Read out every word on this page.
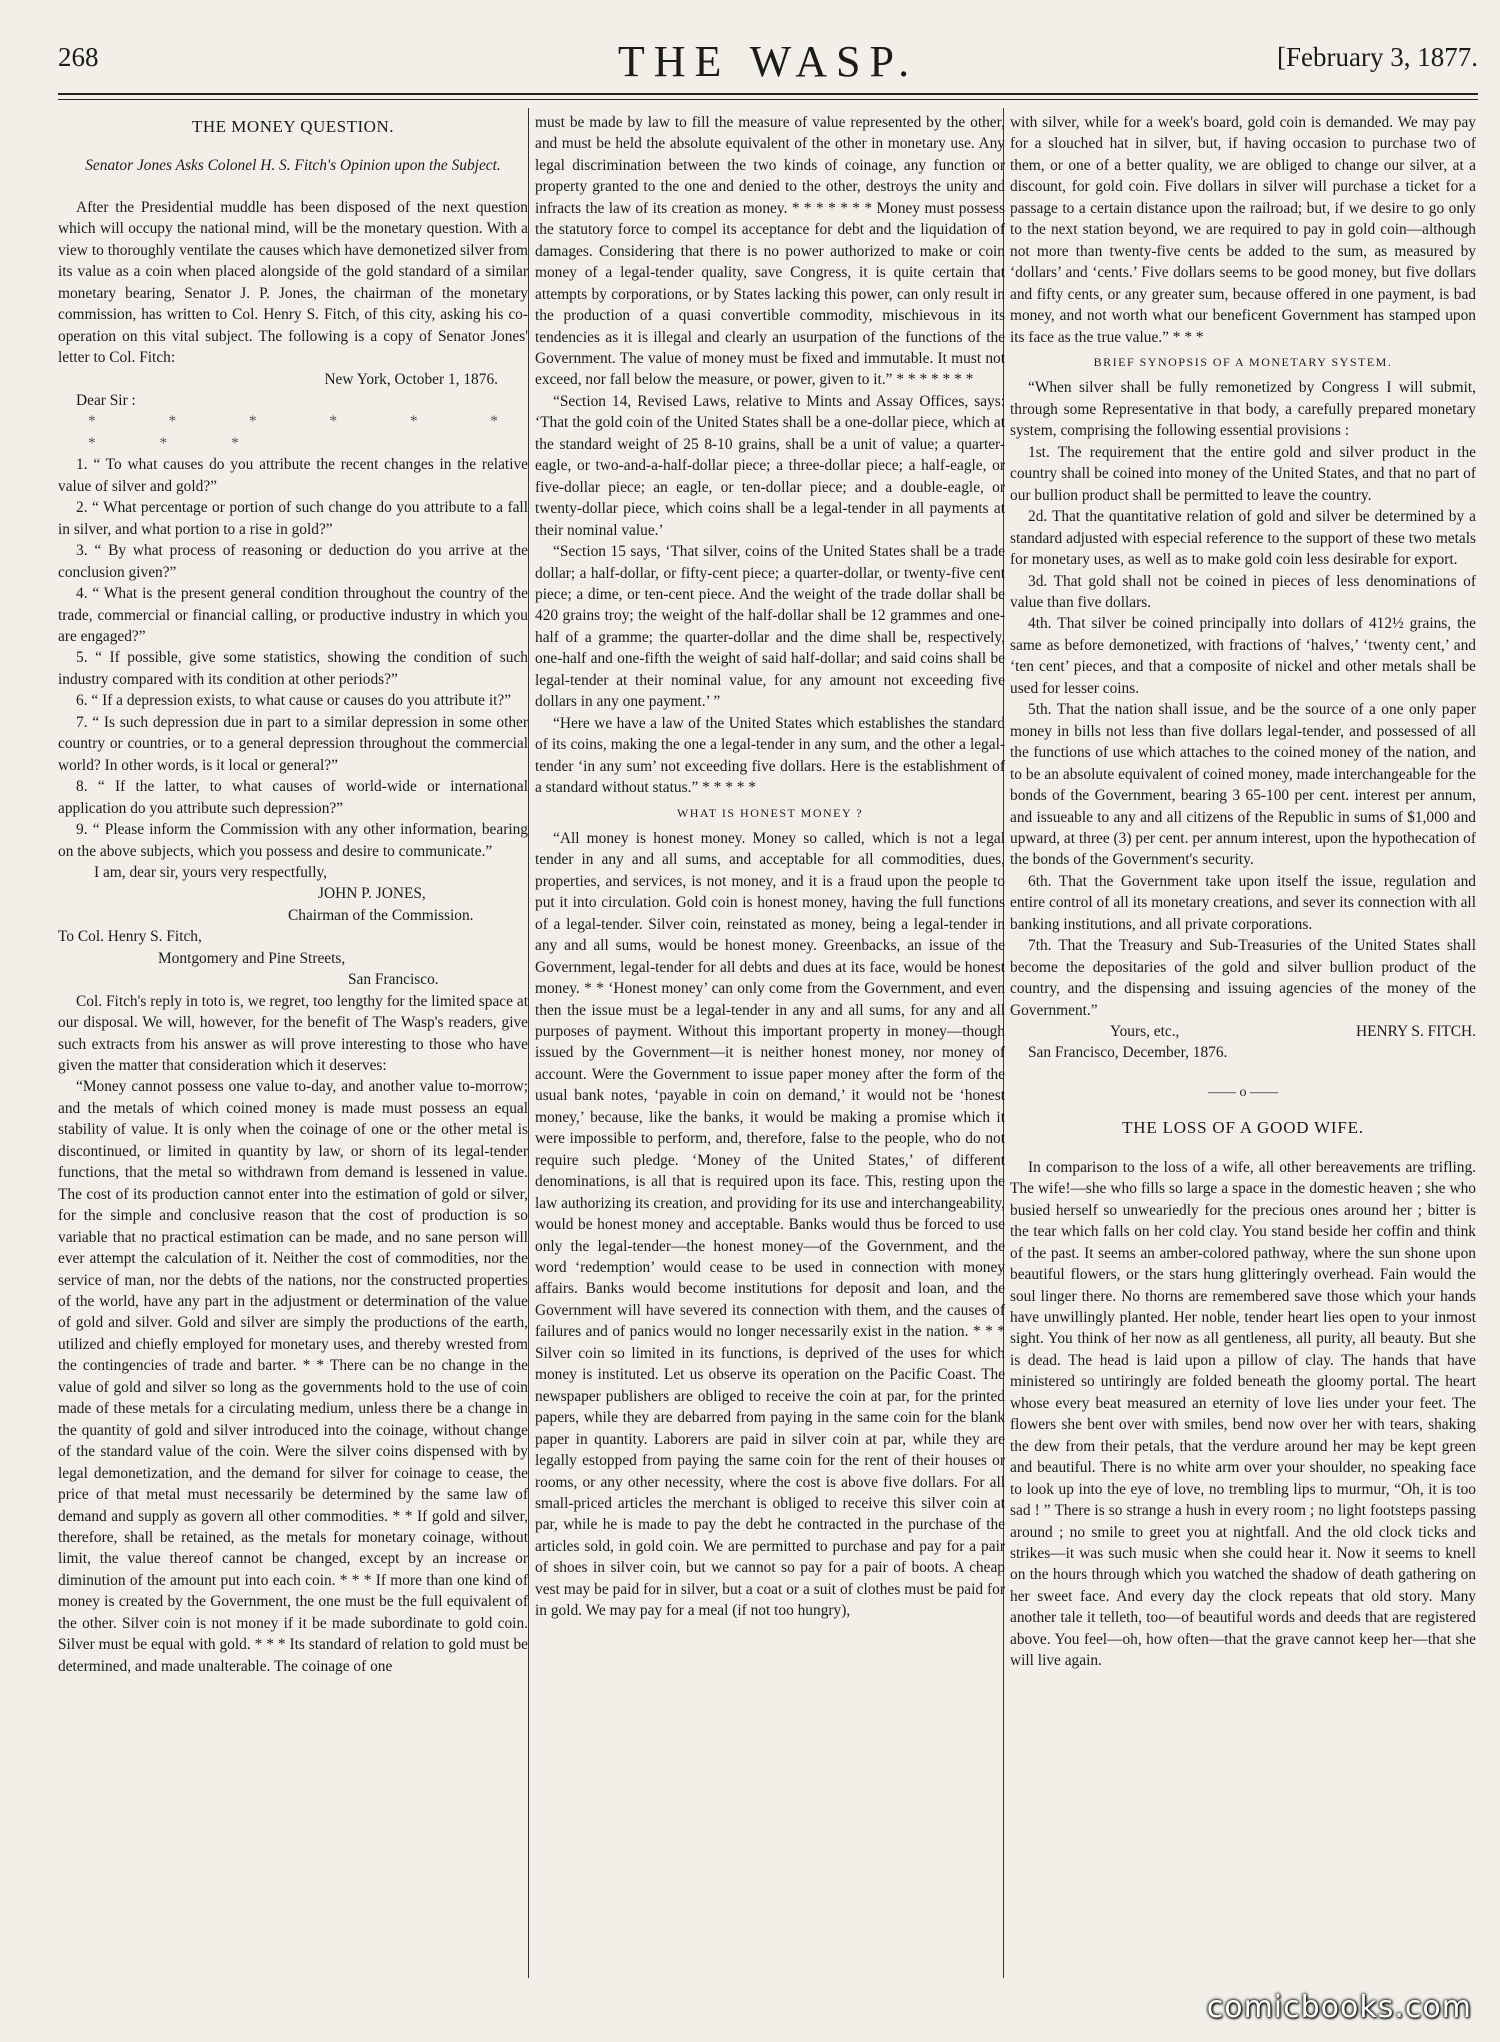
268	THE WASP.	[February 3, 1877.

THE MONEY QUESTION.

Senator Jones Asks Colonel H. S. Fitch's Opinion upon the Subject.

After the Presidential muddle has been disposed of the next question which will occupy the national mind, will be the monetary question. With a view to thoroughly ventilate the causes which have demonetized silver from its value as a coin when placed alongside of the gold standard of a similar monetary bearing, Senator J. P. Jones, the chairman of the monetary commission, has written to Col. Henry S. Fitch, of this city, asking his co-operation on this vital subject. The following is a copy of Senator Jones' letter to Col. Fitch:

New York, October 1, 1876.

Dear Sir :

* * * * * * * * *

1. “ To what causes do you attribute the recent changes in the relative value of silver and gold?”

2. “ What percentage or portion of such change do you attribute to a fall in silver, and what portion to a rise in gold?”

3. “ By what process of reasoning or deduction do you arrive at the conclusion given?”

4. “ What is the present general condition throughout the country of the trade, commercial or financial calling, or productive industry in which you are engaged?”

5. “ If possible, give some statistics, showing the condition of such industry compared with its condition at other periods?”

6. “ If a depression exists, to what cause or causes do you attribute it?”

7. “ Is such depression due in part to a similar depression in some other country or countries, or to a general depression throughout the commercial world? In other words, is it local or general?”

8. “ If the latter, to what causes of world-wide or international application do you attribute such depression?”

9. “ Please inform the Commission with any other information, bearing on the above subjects, which you possess and desire to communicate.”

I am, dear sir, yours very respectfully,

JOHN P. JONES,

Chairman of the Commission.

To Col. Henry S. Fitch,

Montgomery and Pine Streets,

San Francisco.

Col. Fitch's reply in toto is, we regret, too lengthy for the limited space at our disposal. We will, however, for the benefit of The Wasp's readers, give such extracts from his answer as will prove interesting to those who have given the matter that consideration which it deserves:

“Money cannot possess one value to-day, and another value to-morrow; and the metals of which coined money is made must possess an equal stability of value. It is only when the coinage of one or the other metal is discontinued, or limited in quantity by law, or shorn of its legal-tender functions, that the metal so withdrawn from demand is lessened in value. The cost of its production cannot enter into the estimation of gold or silver, for the simple and conclusive reason that the cost of production is so variable that no practical estimation can be made, and no sane person will ever attempt the calculation of it. Neither the cost of commodities, nor the service of man, nor the debts of the nations, nor the constructed properties of the world, have any part in the adjustment or determination of the value of gold and silver. Gold and silver are simply the productions of the earth, utilized and chiefly employed for monetary uses, and thereby wrested from the contingencies of trade and barter. * * There can be no change in the value of gold and silver so long as the governments hold to the use of coin made of these metals for a circulating medium, unless there be a change in the quantity of gold and silver introduced into the coinage, without change of the standard value of the coin. Were the silver coins dispensed with by legal demonetization, and the demand for silver for coinage to cease, the price of that metal must necessarily be determined by the same law of demand and supply as govern all other commodities. * * If gold and silver, therefore, shall be retained, as the metals for monetary coinage, without limit, the value thereof cannot be changed, except by an increase or diminution of the amount put into each coin. * * * If more than one kind of money is created by the Government, the one must be the full equivalent of the other. Silver coin is not money if it be made subordinate to gold coin. Silver must be equal with gold. * * * Its standard of relation to gold must be determined, and made unalterable. The coinage of one

must be made by law to fill the measure of value represented by the other, and must be held the absolute equivalent of the other in monetary use. Any legal discrimination between the two kinds of coinage, any function or property granted to the one and denied to the other, destroys the unity and infracts the law of its creation as money. * * * * * * * Money must possess the statutory force to compel its acceptance for debt and the liquidation of damages. Considering that there is no power authorized to make or coin money of a legal-tender quality, save Congress, it is quite certain that attempts by corporations, or by States lacking this power, can only result in the production of a quasi convertible commodity, mischievous in its tendencies as it is illegal and clearly an usurpation of the functions of the Government. The value of money must be fixed and immutable. It must not exceed, nor fall below the measure, or power, given to it.” * * * * * * *

“Section 14, Revised Laws, relative to Mints and Assay Offices, says: ‘That the gold coin of the United States shall be a one-dollar piece, which at the standard weight of 25 8-10 grains, shall be a unit of value; a quarter-eagle, or two-and-a-half-dollar piece; a three-dollar piece; a half-eagle, or five-dollar piece; an eagle, or ten-dollar piece; and a double-eagle, or twenty-dollar piece, which coins shall be a legal-tender in all payments at their nominal value.’

“Section 15 says, ‘That silver, coins of the United States shall be a trade dollar; a half-dollar, or fifty-cent piece; a quarter-dollar, or twenty-five cent piece; a dime, or ten-cent piece. And the weight of the trade dollar shall be 420 grains troy; the weight of the half-dollar shall be 12 grammes and one-half of a gramme; the quarter-dollar and the dime shall be, respectively, one-half and one-fifth the weight of said half-dollar; and said coins shall be legal-tender at their nominal value, for any amount not exceeding five dollars in any one payment.’ ”

“Here we have a law of the United States which establishes the standard of its coins, making the one a legal-tender in any sum, and the other a legal-tender ‘in any sum’ not exceeding five dollars. Here is the establishment of a standard without status.” * * * * *

WHAT IS HONEST MONEY ?

“All money is honest money. Money so called, which is not a legal tender in any and all sums, and acceptable for all commodities, dues, properties, and services, is not money, and it is a fraud upon the people to put it into circulation. Gold coin is honest money, having the full functions of a legal-tender. Silver coin, reinstated as money, being a legal-tender in any and all sums, would be honest money. Greenbacks, an issue of the Government, legal-tender for all debts and dues at its face, would be honest money. * * ‘Honest money’ can only come from the Government, and even then the issue must be a legal-tender in any and all sums, for any and all purposes of payment. Without this important property in money—though issued by the Government—it is neither honest money, nor money of account. Were the Government to issue paper money after the form of the usual bank notes, ‘payable in coin on demand,’ it would not be ‘honest money,’ because, like the banks, it would be making a promise which it were impossible to perform, and, therefore, false to the people, who do not require such pledge. ‘Money of the United States,’ of different denominations, is all that is required upon its face. This, resting upon the law authorizing its creation, and providing for its use and interchangeability, would be honest money and acceptable. Banks would thus be forced to use only the legal-tender—the honest money—of the Government, and the word ‘redemption’ would cease to be used in connection with money affairs. Banks would become institutions for deposit and loan, and the Government will have severed its connection with them, and the causes of failures and of panics would no longer necessarily exist in the nation. * * * Silver coin so limited in its functions, is deprived of the uses for which money is instituted. Let us observe its operation on the Pacific Coast. The newspaper publishers are obliged to receive the coin at par, for the printed papers, while they are debarred from paying in the same coin for the blank paper in quantity. Laborers are paid in silver coin at par, while they are legally estopped from paying the same coin for the rent of their houses or rooms, or any other necessity, where the cost is above five dollars. For all small-priced articles the merchant is obliged to receive this silver coin at par, while he is made to pay the debt he contracted in the purchase of the articles sold, in gold coin. We are permitted to purchase and pay for a pair of shoes in silver coin, but we cannot so pay for a pair of boots. A cheap vest may be paid for in silver, but a coat or a suit of clothes must be paid for in gold. We may pay for a meal (if not too hungry),

with silver, while for a week's board, gold coin is demanded. We may pay for a slouched hat in silver, but, if having occasion to purchase two of them, or one of a better quality, we are obliged to change our silver, at a discount, for gold coin. Five dollars in silver will purchase a ticket for a passage to a certain distance upon the railroad; but, if we desire to go only to the next station beyond, we are required to pay in gold coin—although not more than twenty-five cents be added to the sum, as measured by ‘dollars’ and ‘cents.’ Five dollars seems to be good money, but five dollars and fifty cents, or any greater sum, because offered in one payment, is bad money, and not worth what our beneficent Government has stamped upon its face as the true value.” * * *

BRIEF SYNOPSIS OF A MONETARY SYSTEM.

“When silver shall be fully remonetized by Congress I will submit, through some Representative in that body, a carefully prepared monetary system, comprising the following essential provisions :

1st. The requirement that the entire gold and silver product in the country shall be coined into money of the United States, and that no part of our bullion product shall be permitted to leave the country.

2d. That the quantitative relation of gold and silver be determined by a standard adjusted with especial reference to the support of these two metals for monetary uses, as well as to make gold coin less desirable for export.

3d. That gold shall not be coined in pieces of less denominations of value than five dollars.

4th. That silver be coined principally into dollars of 412½ grains, the same as before demonetized, with fractions of ‘halves,’ ‘twenty cent,’ and ‘ten cent’ pieces, and that a composite of nickel and other metals shall be used for lesser coins.

5th. That the nation shall issue, and be the source of a one only paper money in bills not less than five dollars legal-tender, and possessed of all the functions of use which attaches to the coined money of the nation, and to be an absolute equivalent of coined money, made interchangeable for the bonds of the Government, bearing 3 65-100 per cent. interest per annum, and issueable to any and all citizens of the Republic in sums of $1,000 and upward, at three (3) per cent. per annum interest, upon the hypothecation of the bonds of the Government's security.

6th. That the Government take upon itself the issue, regulation and entire control of all its monetary creations, and sever its connection with all banking institutions, and all private corporations.

7th. That the Treasury and Sub-Treasuries of the United States shall become the depositaries of the gold and silver bullion product of the country, and the dispensing and issuing agencies of the money of the Government.”

Yours, etc.,	HENRY S. FITCH.

San Francisco, December, 1876.

—— o ——

THE LOSS OF A GOOD WIFE.

In comparison to the loss of a wife, all other bereavements are trifling. The wife!—she who fills so large a space in the domestic heaven ; she who busied herself so unweariedly for the precious ones around her ; bitter is the tear which falls on her cold clay. You stand beside her coffin and think of the past. It seems an amber-colored pathway, where the sun shone upon beautiful flowers, or the stars hung glitteringly overhead. Fain would the soul linger there. No thorns are remembered save those which your hands have unwillingly planted. Her noble, tender heart lies open to your inmost sight. You think of her now as all gentleness, all purity, all beauty. But she is dead. The head is laid upon a pillow of clay. The hands that have ministered so untiringly are folded beneath the gloomy portal. The heart whose every beat measured an eternity of love lies under your feet. The flowers she bent over with smiles, bend now over her with tears, shaking the dew from their petals, that the verdure around her may be kept green and beautiful. There is no white arm over your shoulder, no speaking face to look up into the eye of love, no trembling lips to murmur, “Oh, it is too sad ! ” There is so strange a hush in every room ; no light footsteps passing around ; no smile to greet you at nightfall. And the old clock ticks and strikes—it was such music when she could hear it. Now it seems to knell on the hours through which you watched the shadow of death gathering on her sweet face. And every day the clock repeats that old story. Many another tale it telleth, too—of beautiful words and deeds that are registered above. You feel—oh, how often—that the grave cannot keep her—that she will live again.

comicbooks.com
